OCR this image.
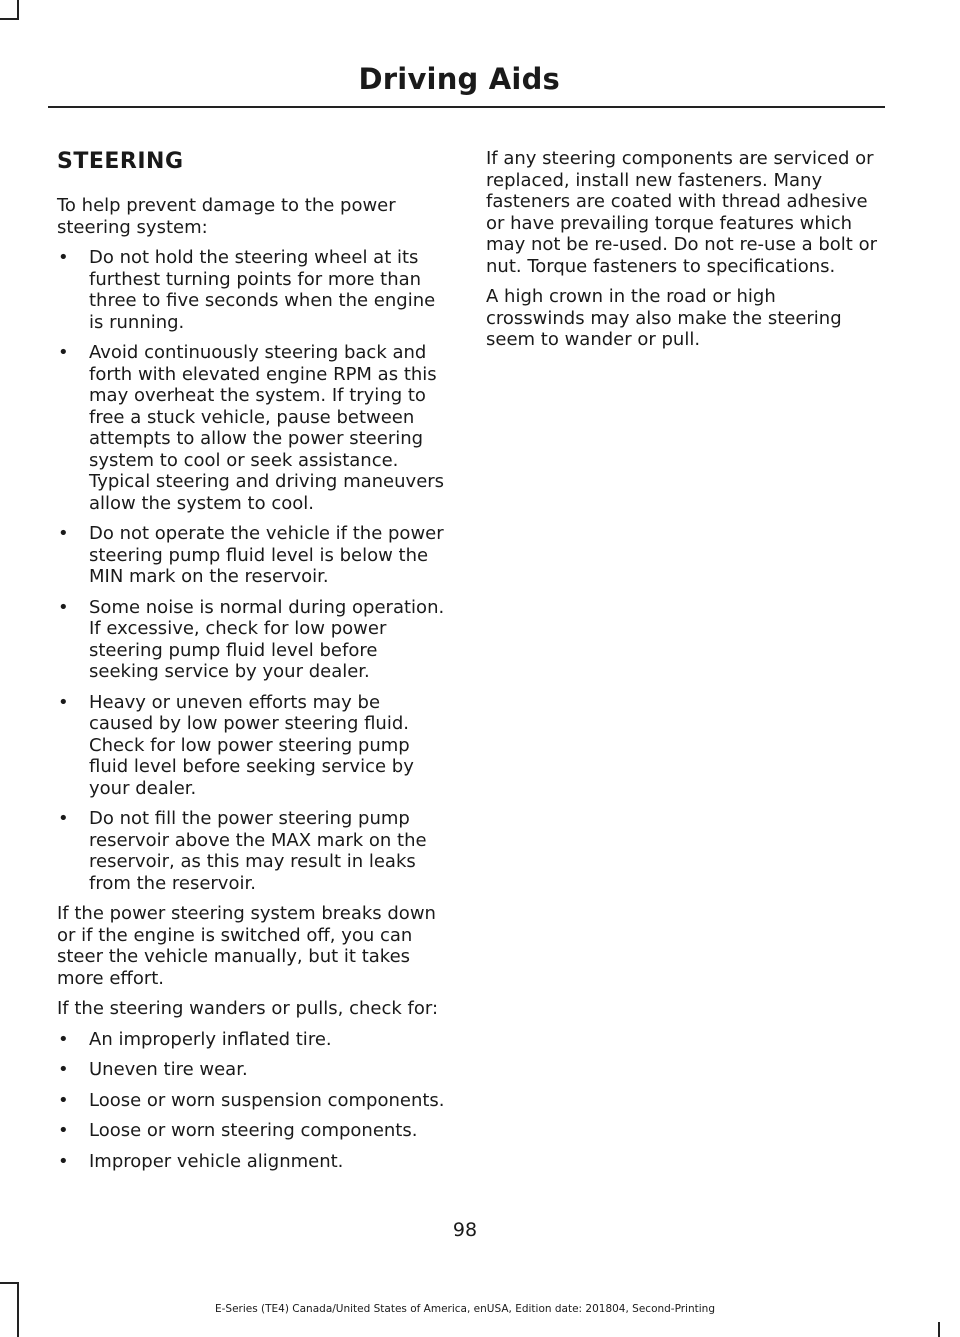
Driving Aids
STEERING

To help prevent damage to the power steering system:

• Do not hold the steering wheel at its furthest turning points for more than three to five seconds when the engine is running.
• Avoid continuously steering back and forth with elevated engine RPM as this may overheat the system. If trying to free a stuck vehicle, pause between attempts to allow the power steering system to cool or seek assistance. Typical steering and driving maneuvers allow the system to cool.
• Do not operate the vehicle if the power steering pump fluid level is below the MIN mark on the reservoir.
• Some noise is normal during operation. If excessive, check for low power steering pump fluid level before seeking service by your dealer.
• Heavy or uneven efforts may be caused by low power steering fluid. Check for low power steering pump fluid level before seeking service by your dealer.
• Do not fill the power steering pump reservoir above the MAX mark on the reservoir, as this may result in leaks from the reservoir.

If the power steering system breaks down or if the engine is switched off, you can steer the vehicle manually, but it takes more effort.

If the steering wanders or pulls, check for:

• An improperly inflated tire.
• Uneven tire wear.
• Loose or worn suspension components.
• Loose or worn steering components.
• Improper vehicle alignment.

If any steering components are serviced or replaced, install new fasteners. Many fasteners are coated with thread adhesive or have prevailing torque features which may not be re-used. Do not re-use a bolt or nut. Torque fasteners to specifications.

A high crown in the road or high crosswinds may also make the steering seem to wander or pull.

98
E-Series (TE4) Canada/United States of America, enUSA, Edition date: 201804, Second-Printing
